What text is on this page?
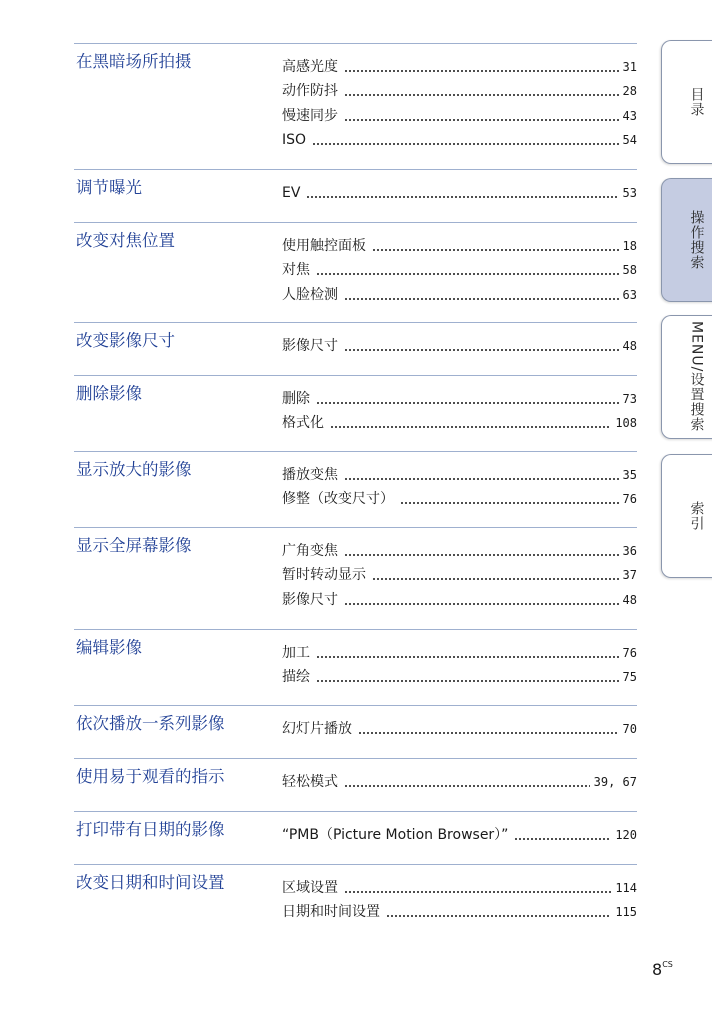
在黑暗场所拍摄	高感光度	31
动作防抖	28
慢速同步	43
ISO	54
调节曝光	EV	53
改变对焦位置	使用触控面板	18
对焦	58
人脸检测	63
改变影像尺寸	影像尺寸	48
删除影像	删除	73
格式化	108
显示放大的影像	播放变焦	35
修整（改变尺寸）	76
显示全屏幕影像	广角变焦	36
暂时转动显示	37
影像尺寸	48
编辑影像	加工	76
描绘	75
依次播放一系列影像	幻灯片播放	70
使用易于观看的指示	轻松模式	39, 67
打印带有日期的影像	“PMB（Picture Motion Browser）”	120
改变日期和时间设置	区域设置	114
日期和时间设置	115
目录
操作搜索
MENU/设置搜索
索引
$8^{CS}$
